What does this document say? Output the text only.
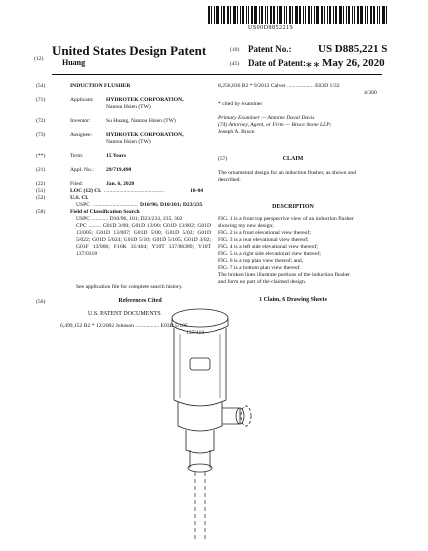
US00D885221S
(12)
United States Design Patent
Huang
(10) Patent No.: US D885,221 S
(45) Date of Patent: ∗∗ May 26, 2020
(54)	INDUCTION FLUSHER
(71)	Applicant: HYDROTEK CORPORATION,
Nantou Hsien (TW)
(72)	Inventor:	Su Huang, Nantou Hsien (TW)
(73)	Assignee: HYDROTEK CORPORATION,
Nantou Hsien (TW)
(**)	Term:	15 Years
(21)	Appl. No.: 29/719,498
(22)	Filed:	Jan. 6, 2020
(51)	LOC (12) Cl. ...........................................	10-04
(52)	U.S. Cl.
USPC ................................ D10/96; D10/101; D23/235
(58)	Field of Classification Search
USPC ............ D10/96, 101; D23/233, 235, 302
CPC ......... G01D 3/00; G01D 13/00; G01D 13/002; G01D 13/005; G01D 13/007; G01D 5/00; G01D 5/02; G01D 5/022; G01D 5/024; G01D 5/10; G01D 5/105; G01D 3/02; G01F 13/006; F16K 31/404; Y10T 137/86389; Y10T 137/0318
See application file for complete search history.
(56)	References Cited
U.S. PATENT DOCUMENTS
6,499,152 B2 * 12/2002 Johnson ................. E03D 5/105
137/110
8,256,036 B2 * 9/2012 Calver ................... E03D 1/32
4/300
* cited by examiner
Primary Examiner — Antoine Duval Davis
(74) Attorney, Agent, or Firm — Bruce Stone LLP;
Joseph A. Bruce
(57)	CLAIM
The ornamental design for an induction flusher, as shown and described.
DESCRIPTION
FIG. 1 is a front top perspective view of an induction flusher
showing my new design;
FIG. 2 is a front elevational view thereof;
FIG. 3 is a rear elevational view thereof;
FIG. 4 is a left side elevational view thereof;
FIG. 5 is a right side elevational view thereof;
FIG. 6 is a top plan view thereof; and,
FIG. 7 is a bottom plan view thereof.
The broken lines illustrate portions of the induction flusher
and form no part of the claimed design.
1 Claim, 6 Drawing Sheets
